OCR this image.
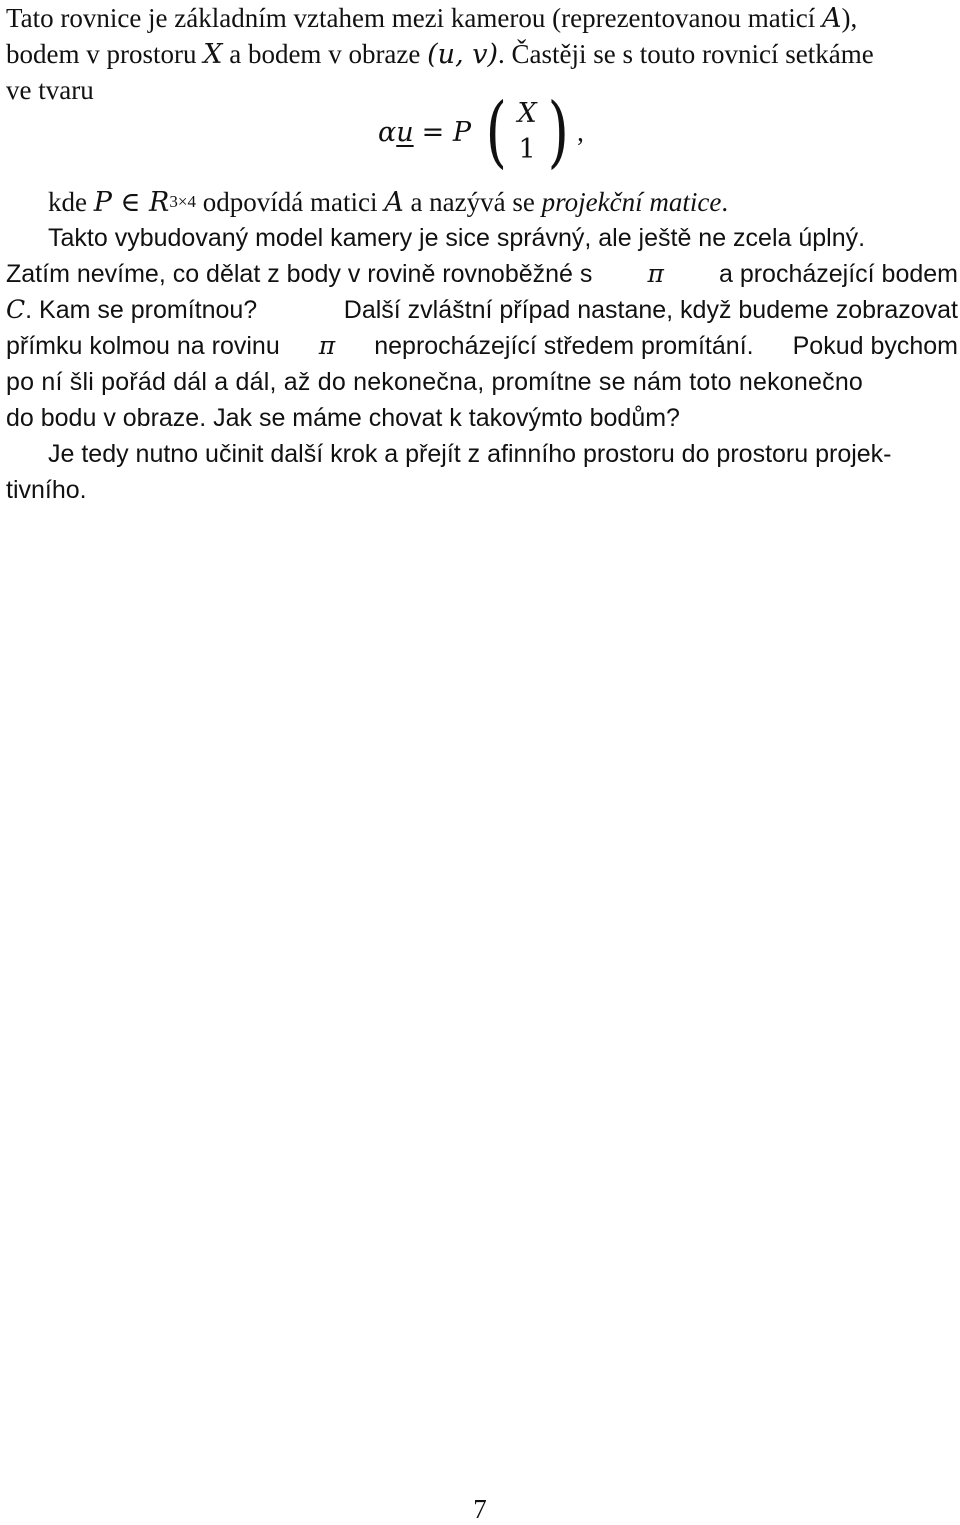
Tato rovnice je základním vztahem mezi kamerou (reprezentovanou maticí
A ),
bodem v prostoru
X
a bodem v obraze
(u, v) . Častěji se s touto rovnicí setkáme
ve tvaru
α u = P ( X
1 ) ,
kde
P ∈ $R^{3\times 4}$
odpovídá matici
A
a nazývá se
projekční matice .
Takto vybudovaný model kamery je sice správný, ale ještě ne zcela úplný.
Zatím nevíme, co dělat z body v rovině rovnoběžné s π a procházející bodem
C. Kam se promítnou?	Další zvláštní případ nastane, když budeme zobrazovat
přímku kolmou na rovinu π neprocházející středem promítání. Pokud bychom
po ní šli pořád dál a dál, až do nekonečna, promítne se nám toto nekonečno
do bodu v obraze. Jak se máme chovat k takovýmto bodům?
Je tedy nutno učinit další krok a přejít z afinního prostoru do prostoru projek-
tivního.
7
